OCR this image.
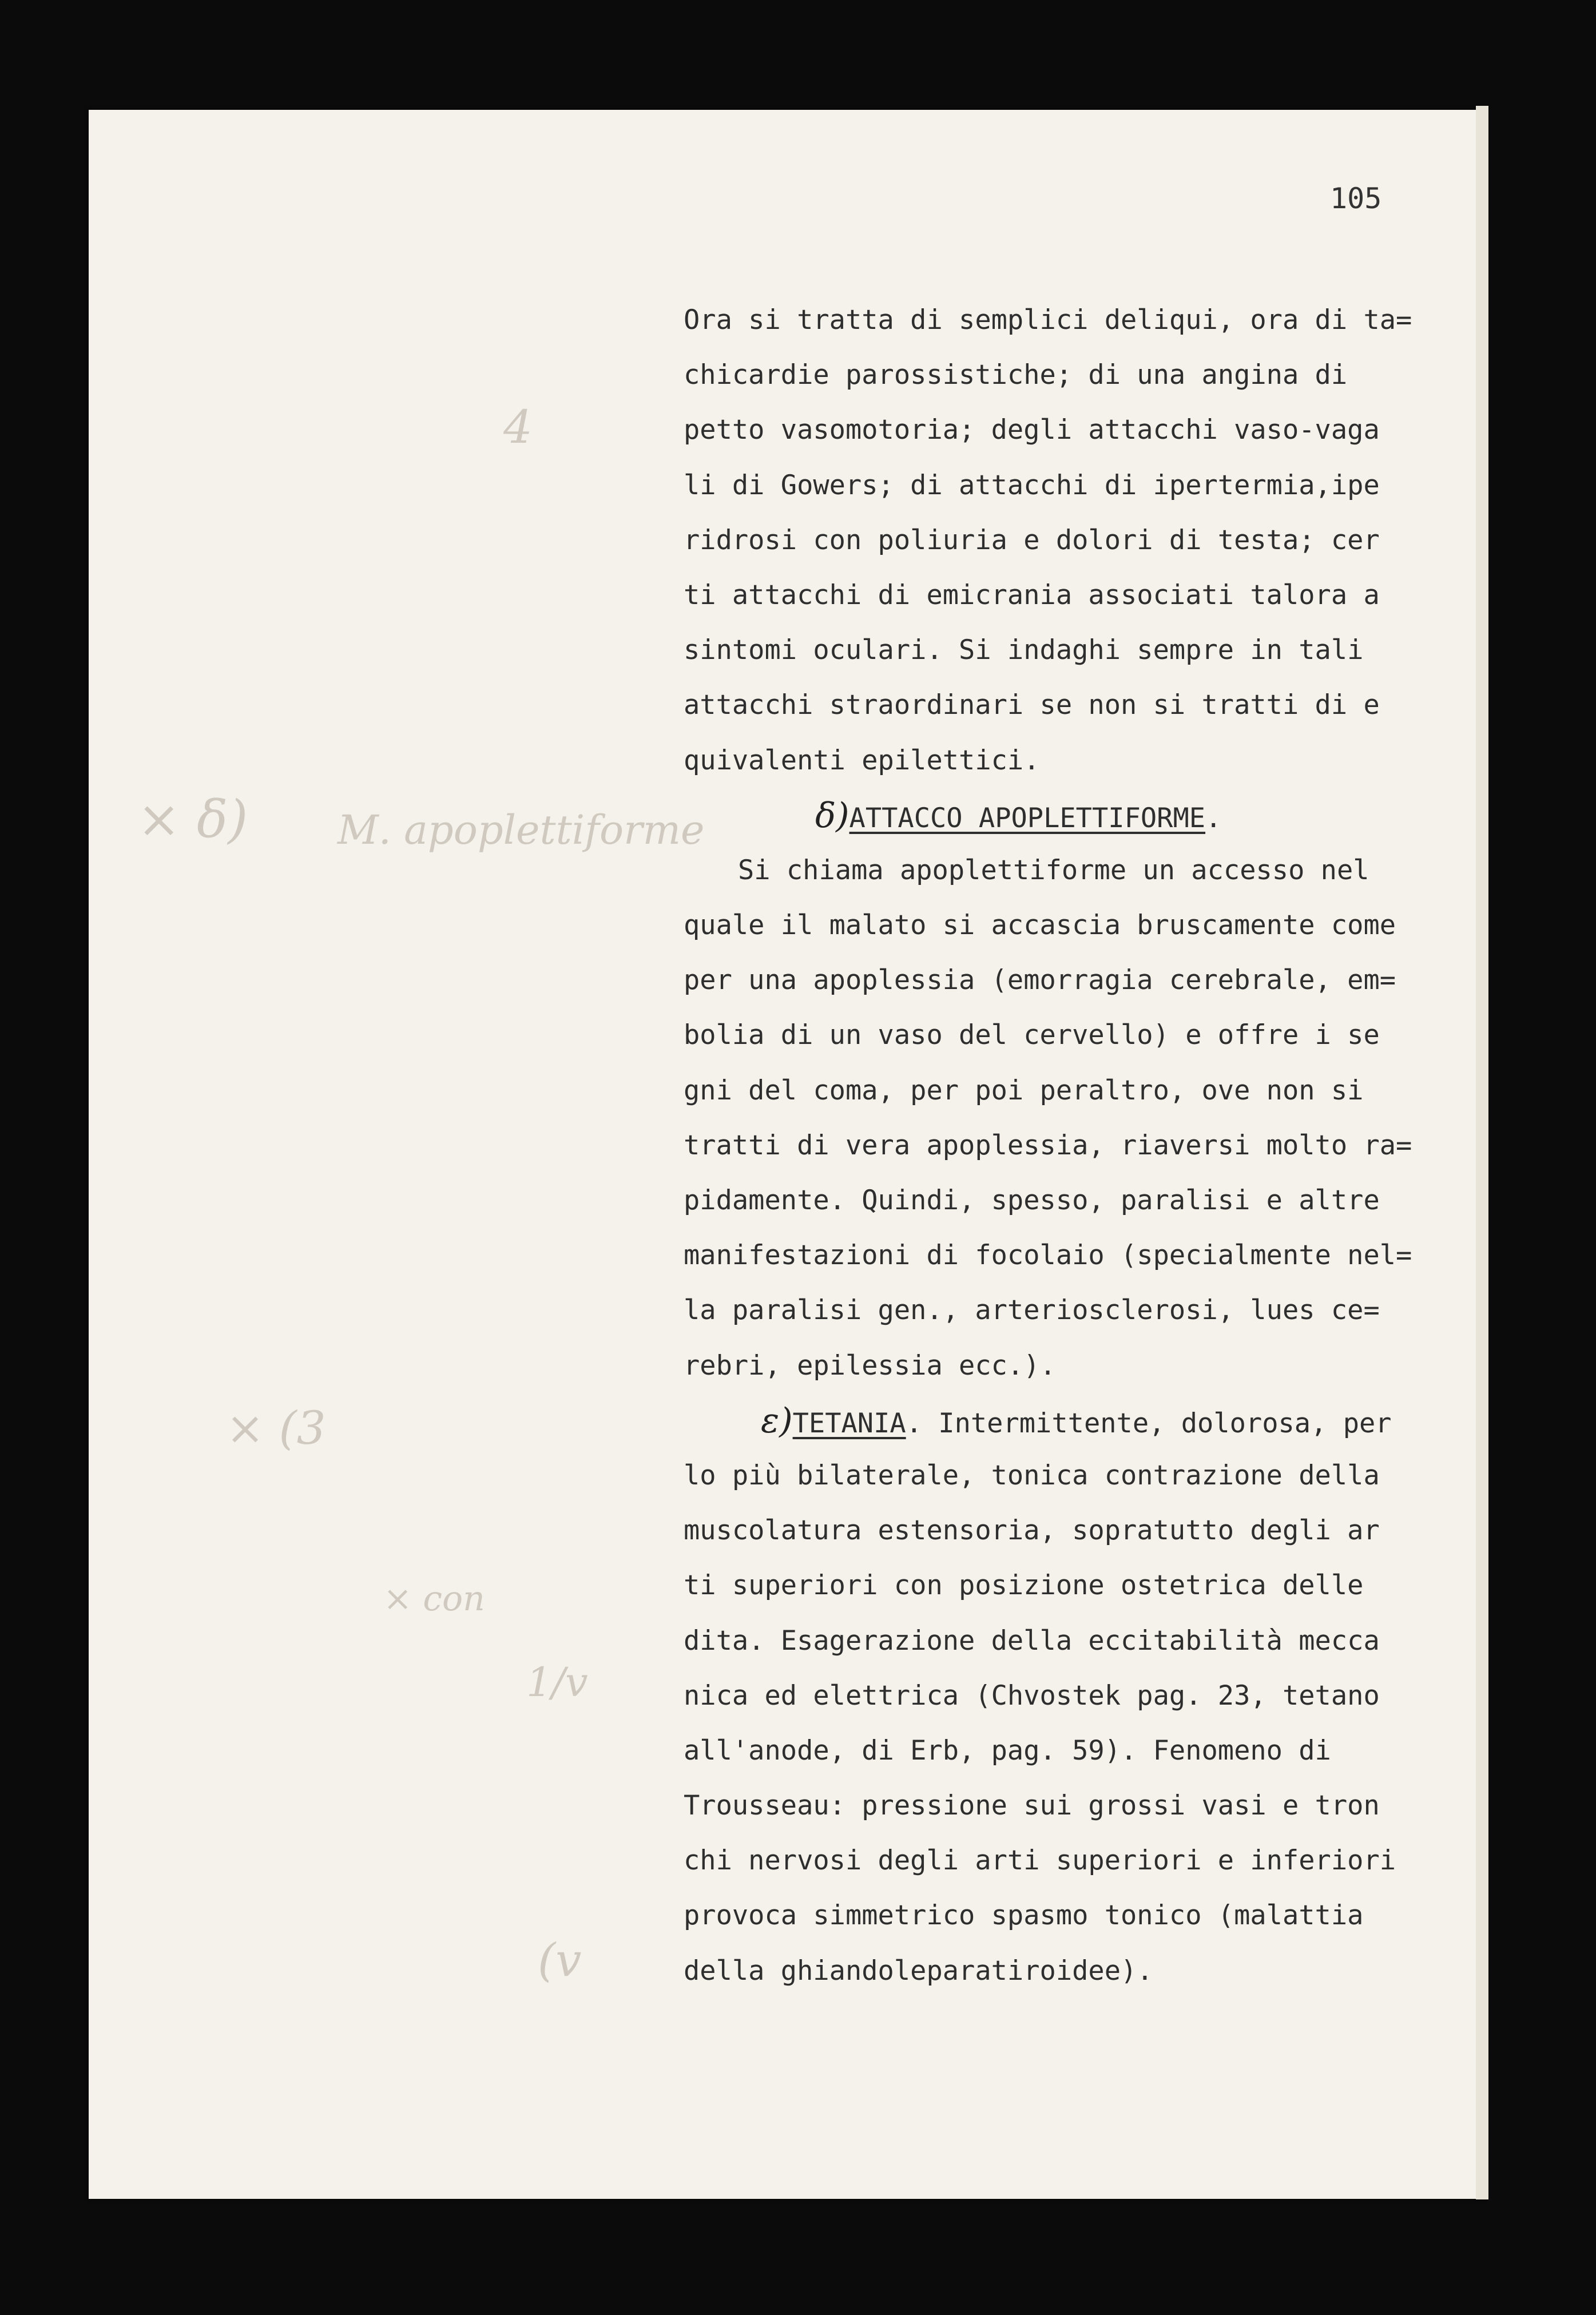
105
4
× δ) M. apoplettiforme
× (3
× con
1/v
(v
Ora si tratta di semplici deliqui, ora di ta=
chicardie parossistiche; di una angina di
petto vasomotoria; degli attacchi vaso-vaga
li di Gowers; di attacchi di ipertermia,ipe
ridrosi con poliuria e dolori di testa; cer
ti attacchi di emicrania associati talora a
sintomi oculari. Si indaghi sempre in tali
attacchi straordinari se non si tratti di e
quivalenti epilettici.
δ)ATTACCO APOPLETTIFORME.
Si chiama apoplettiforme un accesso nel
quale il malato si accascia bruscamente come
per una apoplessia (emorragia cerebrale, em=
bolia di un vaso del cervello) e offre i se
gni del coma, per poi peraltro, ove non si
tratti di vera apoplessia, riaversi molto ra=
pidamente. Quindi, spesso, paralisi e altre
manifestazioni di focolaio (specialmente nel=
la paralisi gen., arteriosclerosi, lues ce=
rebri, epilessia ecc.).
ε)TETANIA. Intermittente, dolorosa, per
lo più bilaterale, tonica contrazione della
muscolatura estensoria, sopratutto degli ar
ti superiori con posizione ostetrica delle
dita. Esagerazione della eccitabilità mecca
nica ed elettrica (Chvostek pag. 23, tetano
all'anode, di Erb, pag. 59). Fenomeno di
Trousseau: pressione sui grossi vasi e tron
chi nervosi degli arti superiori e inferiori
provoca simmetrico spasmo tonico (malattia
della ghiandoleparatiroidee).
